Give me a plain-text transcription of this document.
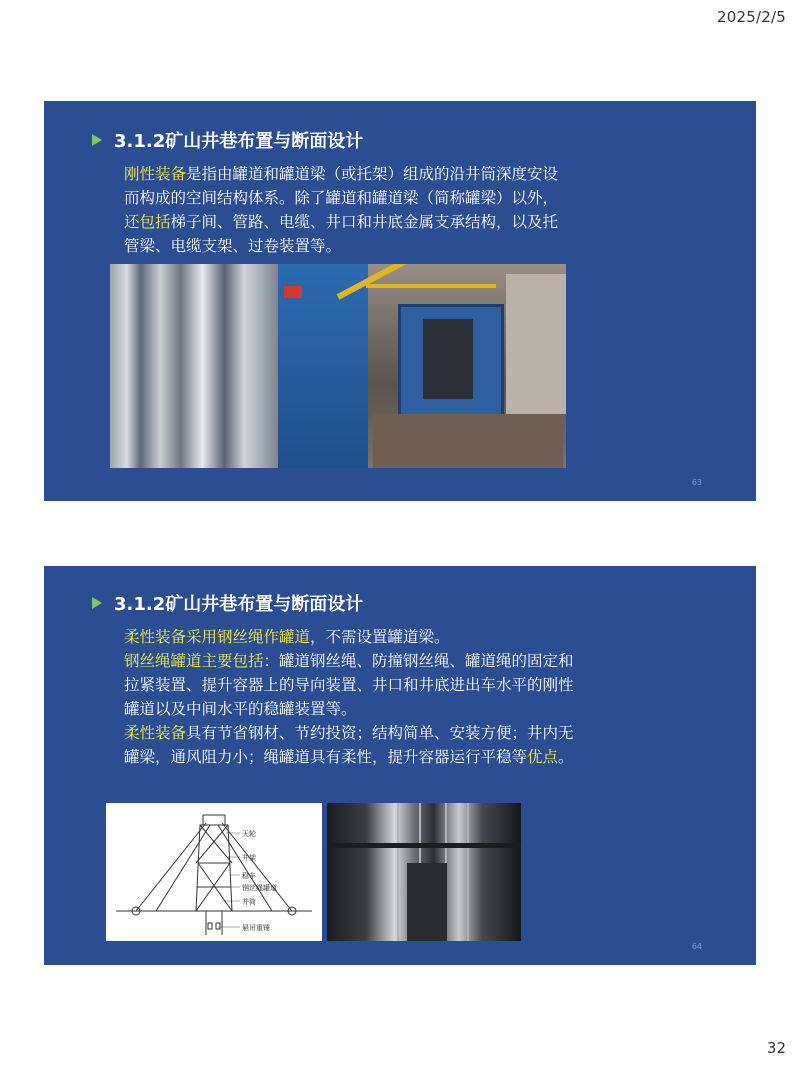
2025/2/5
3.1.2矿山井巷布置与断面设计

刚性装备是指由罐道和罐道梁（或托架）组成的沿井筒深度安设而构成的空间结构体系。除了罐道和罐道梁（简称罐梁）以外，还包括梯子间、管路、电缆、井口和井底金属支承结构，以及托管梁、电缆支架、过卷装置等。

63
3.1.2矿山井巷布置与断面设计

柔性装备采用钢丝绳作罐道，不需设置罐道梁。

钢丝绳罐道主要包括：罐道钢丝绳、防撞钢丝绳、罐道绳的固定和拉紧装置、提升容器上的导向装置、井口和井底进出车水平的刚性罐道以及中间水平的稳罐装置等。

柔性装备具有节省钢材、节约投资；结构简单、安装方便；井内无罐梁，通风阻力小；绳罐道具有柔性，提升容器运行平稳等优点。

天轮
井架
稳车
钢丝绳罐道
井筒
悬吊重锤
64
32
